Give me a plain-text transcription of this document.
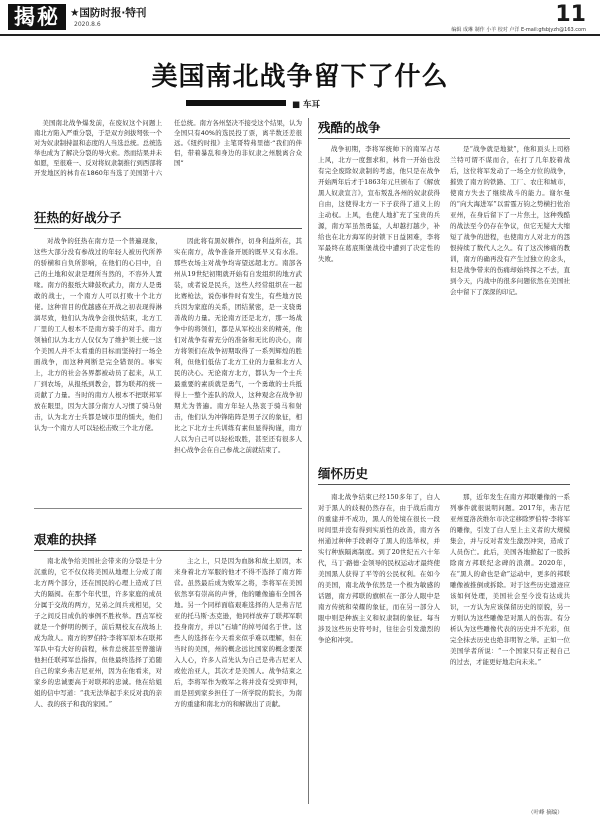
揭秘 ★国防时报·特刊
2020.8.6	11
编辑 成琳 制作 小羊 校对 卢洋 E-mail:gfsbjyzh@163.com
美国南北战争留下了什么
■ 车耳
美国南北战争爆发前，在废奴这个问题上南北方陷入严重分裂，于是双方剑拔弩张一个对为奴隶制持温和态度的人当选总统。总统选举也成为了解决分裂的导火索。然而结果并未如愿，至很难一、反对将奴隶制推行到西部将开发地区的林肯在1860年当选了美国第十六任总统。南方各州坚决不接受这个结果，认为全国只有40%的选民投了票，离半数还差很远。《纽约时报》主笔哥特弗里德·“我们的伴侣，带着暴乱和身边的非奴隶之州脱离合众国”
狂热的好战分子
对战争的狂热在南方是一个普遍现象，这些大部分没有参战过的年轻人被历代所养的骄横和自负所影响，在他们的心目中，自己的土地和奴隶是理所当然的，不容外人置喙。南方的报纸大肆鼓吹武力，南方人是勇敢的战士，一个南方人可以打败十个北方佬。这种盲目的优越感在开战之初表现得淋漓尽致，他们认为战争会很快结束，北方工厂里的工人根本不是南方骑手的对手。南方领袖们认为北方人仅仅为了维护领土统一这个美国人并不太看重的目标而坚持打一场全面战争，而这种判断是完全错误的。事实上，北方的社会各界都被动员了起来，从工厂到农场，从报纸到教会，都为联邦的统一贡献了力量。当时的南方人根本不把联邦军放在眼里，因为大部分南方人习惯了骑马射击，认为北方士兵都是城市里的懦夫，他们认为一个南方人可以轻松击败三个北方佬。
因此将有黑奴耕作，切身利益所在，其实在南方，战争准备开展的既早又有水准。那些农场主对战争均寄望远超北方。南部各州从19世纪初期就开始有自发组织的地方武装，或者说是民兵，这些人经常组织在一起比赛枪法，说伤事件时有发生，有些地方民兵因为家庭的关系，团结紧密，是一支骁勇善战的力量。无论南方还是北方，那一场战争中的将领们，都是从军校出来的精英，他们对战争有着充分的准备和无比的决心，南方将领们在战争初期取得了一系列辉煌的胜利，但他们低估了北方工业的力量和北方人民的决心。无论南方北方，都认为一个士兵最重要的素质就是勇气，一个勇敢的士兵抵得上一整个连队的敌人，这种观念在战争初期尤为普遍。南方年轻人热衷于骑马和射击，他们认为冲锋陷阵是男子汉的象征，相比之下北方士兵训练有素但显得拘谨，南方人以为自己可以轻松取胜，甚至还有很多人担心战争会在自己参战之前就结束了。
艰难的抉择
南北战争给美国社会带来的分裂是十分沉重的，它不仅仅将美国从地理上分成了南北方两个部分，还在国民的心理上造成了巨大的隔阂。在那个年代里，许多家庭的成员分属于交战的两方，兄弟之间兵戎相见，父子之间反目成仇的事例不胜枚举。西点军校就是一个鲜明的例子，前后期校友在战场上成为敌人。南方的罗伯特·李将军原本在联邦军队中有大好的前程，林肯总统甚至曾邀请他担任联邦军总指挥，但他最终选择了追随自己的家乡弗吉尼亚州，因为在他看来，对家乡的忠诚要高于对联邦的忠诚。他在给姐姐的信中写道：“我无法举起手来反对我的亲人、我的孩子和我的家园。”
主之上，只是因为血脉和故土原因，本来身着北方军服的他才不得不选择了南方阵营。虽然最后成为败军之将，李将军在美国依然享有崇高的声誉，他的雕像遍布全国各地。另一个同样面临艰难选择的人是弗吉尼亚的托马斯·杰克逊，他同样放弃了联邦军职投身南方，并以“石墙”的绰号闻名于世。这些人的选择在今天看来似乎难以理解，但在当时的美国，州的概念远比国家的概念要深入人心，许多人首先认为自己是弗吉尼亚人或佐治亚人，其次才是美国人。战争结束之后，李将军作为败军之将并没有受到审判，而是回到家乡担任了一所学院的院长，为南方的重建和南北方的和解做出了贡献。
残酷的战争
战争初期，李将军统帅下的南军占尽上风，北方一度想求和，林肯一开始也没有完全废除奴隶制的考虑，他只是在战争开始两年后才于1863年元旦颁布了《解放黑人奴隶宣言》，宣布叛乱各州的奴隶获得自由，这使得北方一下子获得了道义上的主动权。上风，也使人地扩充了宝贵的兵源，南方军虽然勇猛，人却越打越少，补给也在北方海军的封锁下日益困难，李将军最终在葛底斯堡战役中遭到了决定性的失败。
是“战争就是地狱”，他和顶头上司格兰特可谓不谋而合，在打了几年胶着战后，这位将军发动了一场全方位的战争，摧毁了南方的铁路、工厂、农庄和城市，使南方失去了继续战斗的能力。谢尔曼的“向大海进军”以雷霆万钧之势横扫佐治亚州，在身后留下了一片焦土，这种残酷的战法至今仍存在争议，但它无疑大大缩短了战争的进程，也使南方人对北方的怨恨持续了数代人之久。有了这次惨痛的教训，南方的确再没有产生过独立的念头，但是战争带来的伤痛却始终挥之不去，直到今天，内战中的很多问题依然在美国社会中留下了深深的印记。
缅怀历史
南北战争结束已经150多年了，白人对于黑人的歧视仍然存在，由于战后南方的重建并不成功，黑人的处境在很长一段时间里并没有得到实质性的改善，南方各州通过种种手段剥夺了黑人的选举权，并实行种族隔离制度。到了20世纪五六十年代，马丁·路德·金领导的民权运动才最终使美国黑人获得了平等的公民权利。在如今的美国，南北战争依然是一个极为敏感的话题，南方邦联的旗帜在一部分人眼中是南方传统和荣耀的象征，而在另一部分人眼中则是种族主义和奴隶制的象征。每当涉及这些历史符号时，往往会引发激烈的争论和冲突。
那，近年发生在南方邦联雕像的一系列事件就很说明问题。2017年，弗吉尼亚州夏洛茨维尔市决定移除罗伯特·李将军的雕像，引发了白人至上主义者的大规模集会，并与反对者发生激烈冲突，造成了人员伤亡。此后，美国各地掀起了一股拆除南方邦联纪念碑的浪潮。2020年，在“黑人的命也是命”运动中，更多的邦联雕像被推倒或拆除。对于这些历史遗迹应该如何处理，美国社会至今没有达成共识，一方认为应该保留历史的原貌，另一方则认为这些雕像是对黑人的伤害。有分析认为这些雕像代表的历史并不光彩，但完全抹去历史也绝非明智之举。正如一位美国学者所说：“一个国家只有正视自己的过去，才能更好地走向未来。”
（叶峰 摘编）
